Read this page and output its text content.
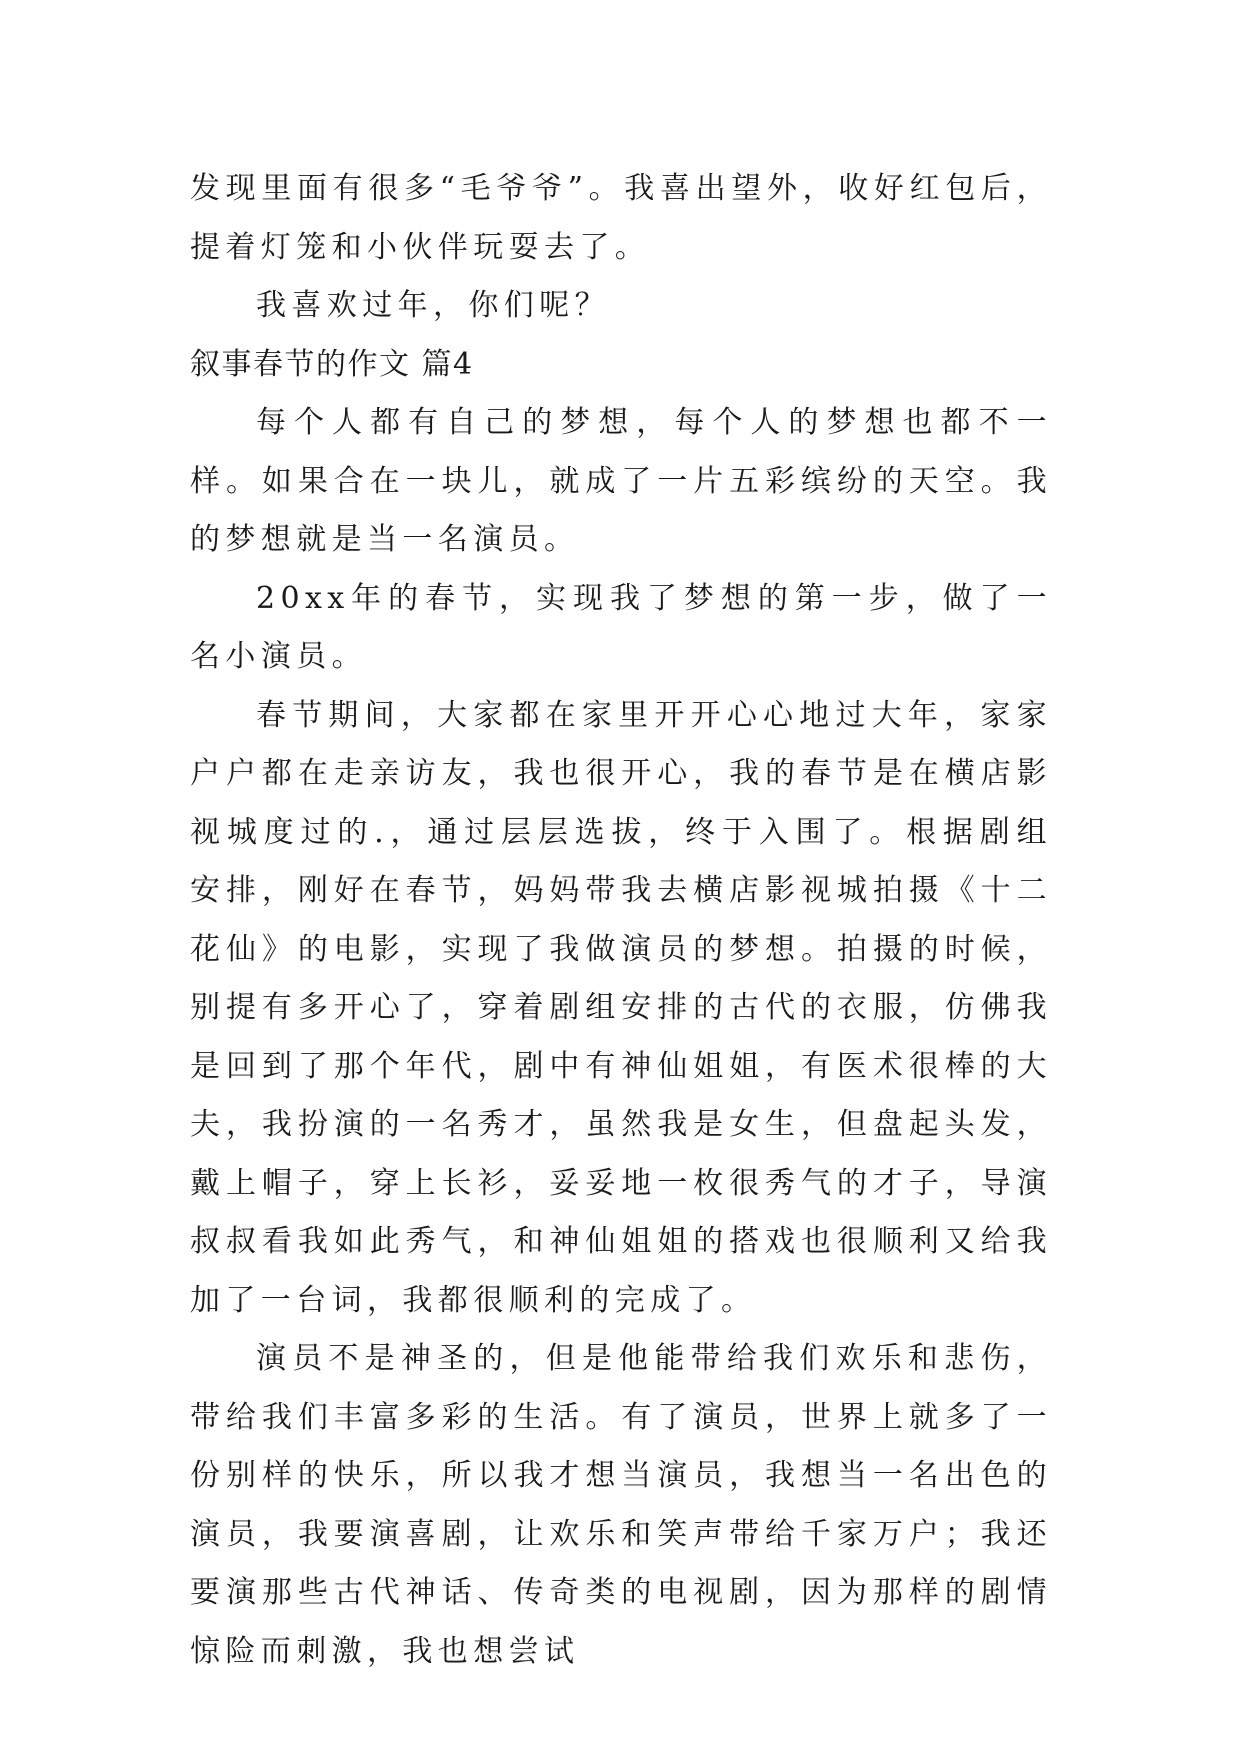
发现里面有很多“毛爷爷”。我喜出望外，收好红包后，提着灯笼和小伙伴玩耍去了。

我喜欢过年，你们呢？

叙事春节的作文 篇4

每个人都有自己的梦想，每个人的梦想也都不一样。如果合在一块儿，就成了一片五彩缤纷的天空。我的梦想就是当一名演员。

20xx年的春节，实现我了梦想的第一步，做了一名小演员。

春节期间，大家都在家里开开心心地过大年，家家户户都在走亲访友，我也很开心，我的春节是在横店影视城度过的.，通过层层选拔，终于入围了。根据剧组安排，刚好在春节，妈妈带我去横店影视城拍摄《十二花仙》的电影，实现了我做演员的梦想。拍摄的时候，别提有多开心了，穿着剧组安排的古代的衣服，仿佛我是回到了那个年代，剧中有神仙姐姐，有医术很棒的大夫，我扮演的一名秀才，虽然我是女生，但盘起头发，戴上帽子，穿上长衫，妥妥地一枚很秀气的才子，导演叔叔看我如此秀气，和神仙姐姐的搭戏也很顺利又给我加了一台词，我都很顺利的完成了。

演员不是神圣的，但是他能带给我们欢乐和悲伤，带给我们丰富多彩的生活。有了演员，世界上就多了一份别样的快乐，所以我才想当演员，我想当一名出色的演员，我要演喜剧，让欢乐和笑声带给千家万户；我还要演那些古代神话、传奇类的电视剧，因为那样的剧情惊险而刺激，我也想尝试
